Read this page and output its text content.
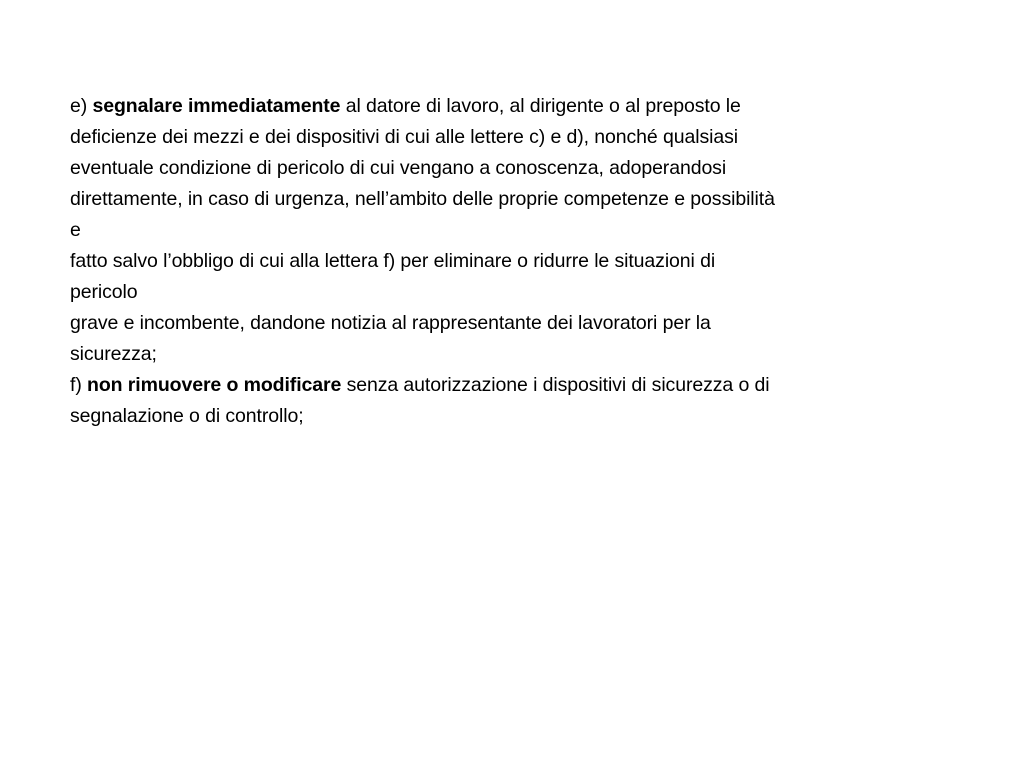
e) segnalare immediatamente al datore di lavoro, al dirigente o al preposto le
deficienze dei mezzi e dei dispositivi di cui alle lettere c) e d), nonché qualsiasi
eventuale condizione di pericolo di cui vengano a conoscenza, adoperandosi
direttamente, in caso di urgenza, nell’ambito delle proprie competenze e possibilità
e
fatto salvo l’obbligo di cui alla lettera f) per eliminare o ridurre le situazioni di
pericolo
grave e incombente, dandone notizia al rappresentante dei lavoratori per la
sicurezza;
f) non rimuovere o modificare senza autorizzazione i dispositivi di sicurezza o di
segnalazione o di controllo;
